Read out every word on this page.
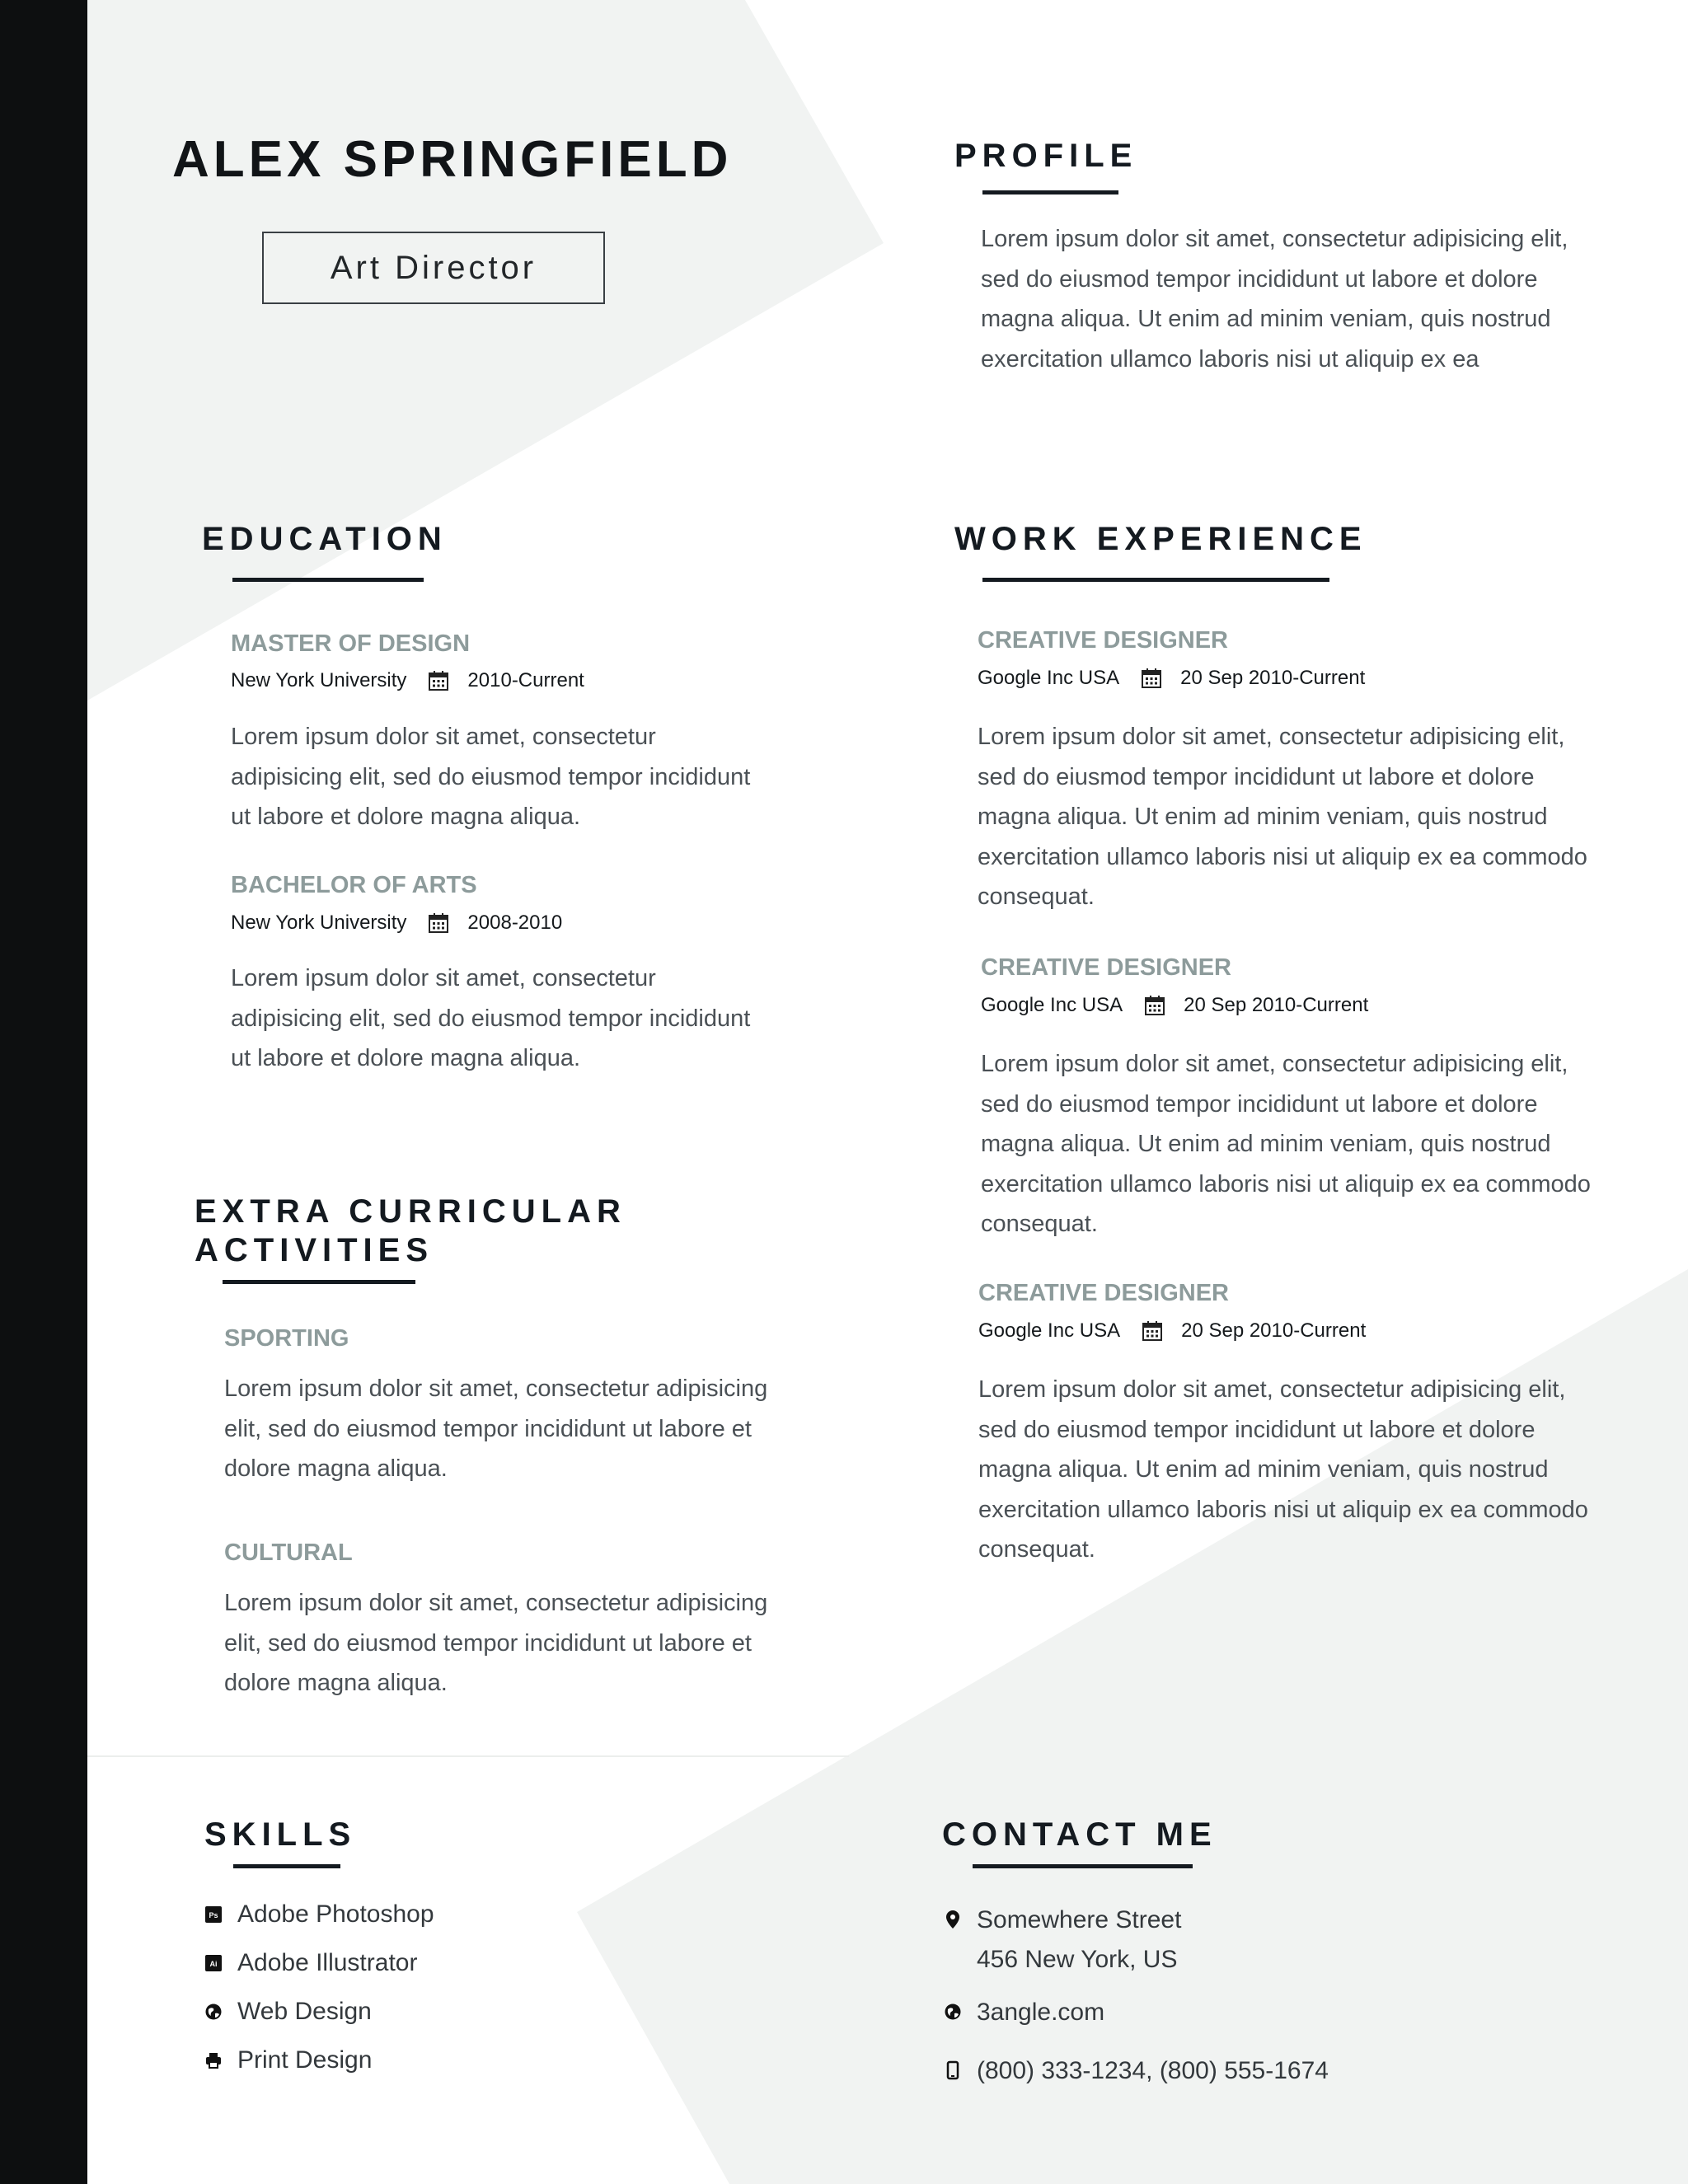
ALEX SPRINGFIELD
Art Director
PROFILE
Lorem ipsum dolor sit amet, consectetur adipisicing elit, sed do eiusmod tempor incididunt ut labore et dolore magna aliqua. Ut enim ad minim veniam, quis nostrud exercitation ullamco laboris nisi ut aliquip ex ea
EDUCATION
MASTER OF DESIGN
New York University	2010-Current
Lorem ipsum dolor sit amet, consectetur adipisicing elit, sed do eiusmod tempor incididunt ut labore et dolore magna aliqua.
BACHELOR OF ARTS
New York University	2008-2010
Lorem ipsum dolor sit amet, consectetur adipisicing elit, sed do eiusmod tempor incididunt ut labore et dolore magna aliqua.
EXTRA CURRICULAR
ACTIVITIES
SPORTING
Lorem ipsum dolor sit amet, consectetur adipisicing elit, sed do eiusmod tempor incididunt ut labore et dolore magna aliqua.
CULTURAL
Lorem ipsum dolor sit amet, consectetur adipisicing elit, sed do eiusmod tempor incididunt ut labore et dolore magna aliqua.
WORK EXPERIENCE
CREATIVE DESIGNER
Google Inc USA	20 Sep 2010-Current
Lorem ipsum dolor sit amet, consectetur adipisicing elit, sed do eiusmod tempor incididunt ut labore et dolore magna aliqua. Ut enim ad minim veniam, quis nostrud exercitation ullamco laboris nisi ut aliquip ex ea commodo consequat.
CREATIVE DESIGNER
Google Inc USA	20 Sep 2010-Current
Lorem ipsum dolor sit amet, consectetur adipisicing elit, sed do eiusmod tempor incididunt ut labore et dolore magna aliqua. Ut enim ad minim veniam, quis nostrud exercitation ullamco laboris nisi ut aliquip ex ea commodo consequat.
CREATIVE DESIGNER
Google Inc USA	20 Sep 2010-Current
Lorem ipsum dolor sit amet, consectetur adipisicing elit, sed do eiusmod tempor incididunt ut labore et dolore magna aliqua. Ut enim ad minim veniam, quis nostrud exercitation ullamco laboris nisi ut aliquip ex ea commodo consequat.
SKILLS
Ps Adobe Photoshop
Ai Adobe Illustrator
Web Design
Print Design
CONTACT ME
Somewhere Street
456 New York, US
3angle.com
(800) 333-1234, (800) 555-1674
